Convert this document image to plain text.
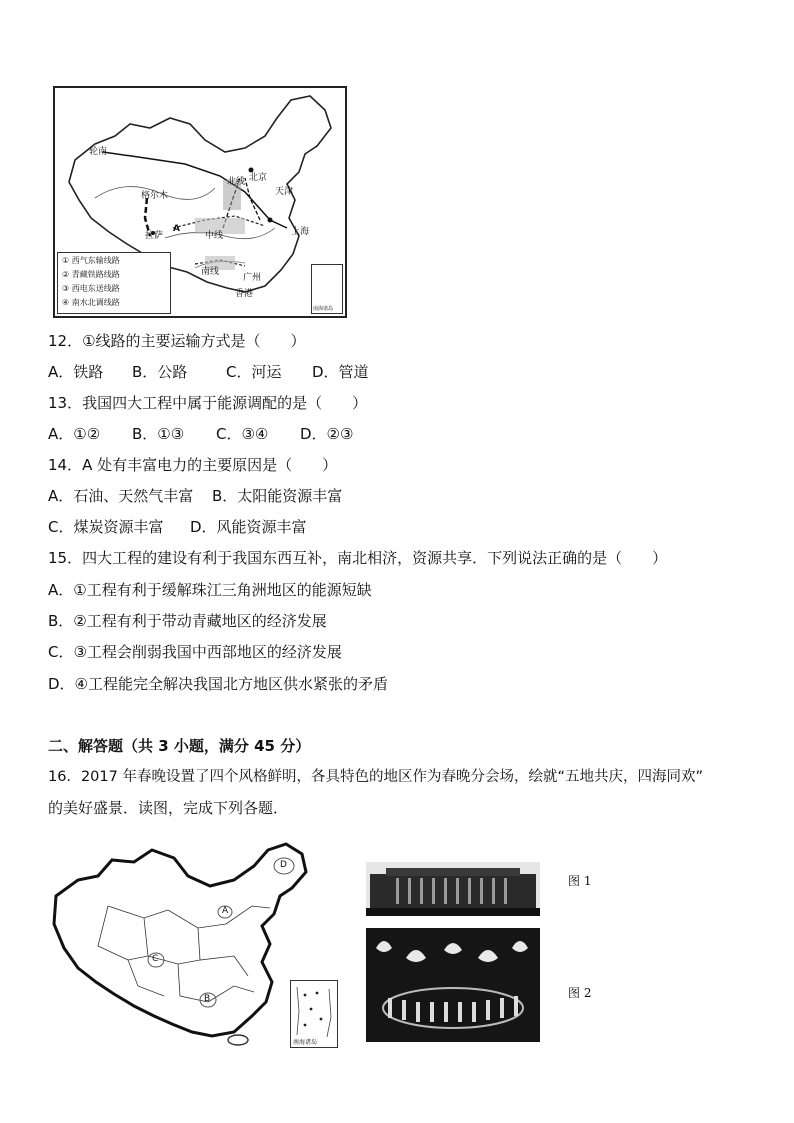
轮南
格尔木
拉萨
北线 北京
天津
上海
中线
南线
广州
香港
A
① 西气东输线路
② 青藏铁路线路
③ 西电东送线路
④ 南水北调线路
南海诸岛
12．①线路的主要运输方式是（　　）
A．铁路 B．公路	C．河运 D．管道
13．我国四大工程中属于能源调配的是（　　）
A．①② B．①③ C．③④ D．②③
14．A 处有丰富电力的主要原因是（　　）
A．石油、天然气丰富 B．太阳能资源丰富
C．煤炭资源丰富 D．风能资源丰富
15．四大工程的建设有利于我国东西互补，南北相济，资源共享．下列说法正确的是（　　）
A．①工程有利于缓解珠江三角洲地区的能源短缺
B．②工程有利于带动青藏地区的经济发展
C．③工程会削弱我国中西部地区的经济发展
D．④工程能完全解决我国北方地区供水紧张的矛盾
二、解答题（共 3 小题，满分 45 分）
16．2017 年春晚设置了四个风格鲜明，各具特色的地区作为春晚分会场，绘就“五地共庆，四海同欢”
的美好盛景．读图，完成下列各题．
D
A
C
B
南海诸岛
图 1
图 2
